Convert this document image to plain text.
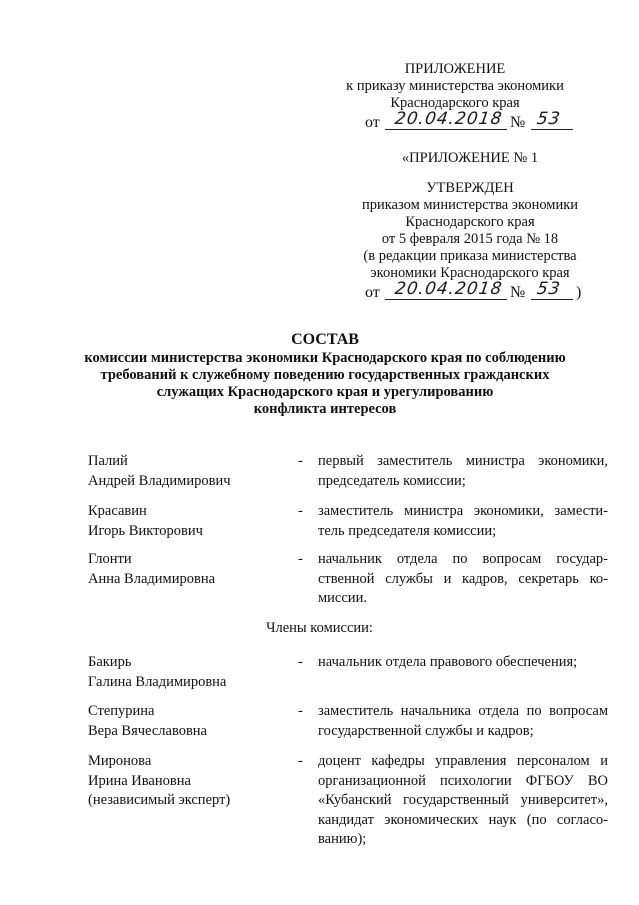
ПРИЛОЖЕНИЕ
к приказу министерства экономики
Краснодарского края
от 20.04.2018 № 53
«ПРИЛОЖЕНИЕ № 1
УТВЕРЖДЕН
приказом министерства экономики
Краснодарского края
от 5 февраля 2015 года № 18
(в редакции приказа министерства
экономики Краснодарского края
от 20.04.2018 № 53 )
СОСТАВ
комиссии министерства экономики Краснодарского края по соблюдению
требований к служебному поведению государственных гражданских
служащих Краснодарского края и урегулированию
конфликта интересов
Палий
Андрей Владимирович
- первый заместитель министра экономики, председатель комиссии;
Красавин
Игорь Викторович
- заместитель министра экономики, замести-тель председателя комиссии;
Глонти
Анна Владимировна
- начальник отдела по вопросам государ-ственной службы и кадров, секретарь ко-миссии.
Члены комиссии:
Бакирь
Галина Владимировна
- начальник отдела правового обеспечения;
Степурина
Вера Вячеславовна
- заместитель начальника отдела по вопросам государственной службы и кадров;
Миронова
Ирина Ивановна
(независимый эксперт)
- доцент кафедры управления персоналом и организационной психологии ФГБОУ ВО «Кубанский государственный университет», кандидат экономических наук (по согласо-ванию);
